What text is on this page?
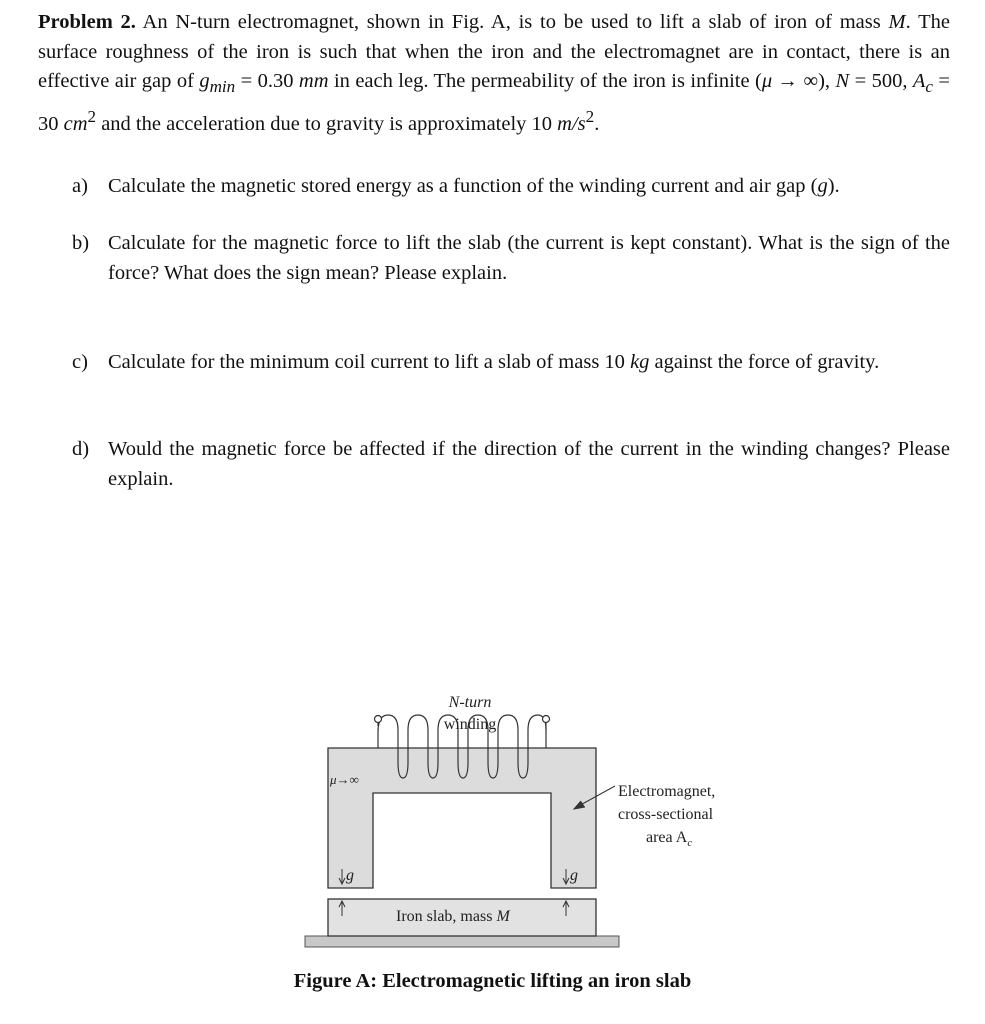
Problem 2. An N-turn electromagnet, shown in Fig. A, is to be used to lift a slab of iron of mass M. The surface roughness of the iron is such that when the iron and the electromagnet are in contact, there is an effective air gap of $g_{min} = 0.30$ mm in each leg. The permeability of the iron is infinite (μ → ∞), N = 500, $A_c = 30$ $cm^2$ and the acceleration due to gravity is approximately 10 $m/s^2$.
a) Calculate the magnetic stored energy as a function of the winding current and air gap (g).
b) Calculate for the magnetic force to lift the slab (the current is kept constant). What is the sign of the force? What does the sign mean? Please explain.
c) Calculate for the minimum coil current to lift a slab of mass 10 kg against the force of gravity.
d) Would the magnetic force be affected if the direction of the current in the winding changes? Please explain.
N-turn
winding
μ→∞
g	g
Iron slab, mass M
Electromagnet,
cross-sectional
area $A_c$
Figure A: Electromagnetic lifting an iron slab
